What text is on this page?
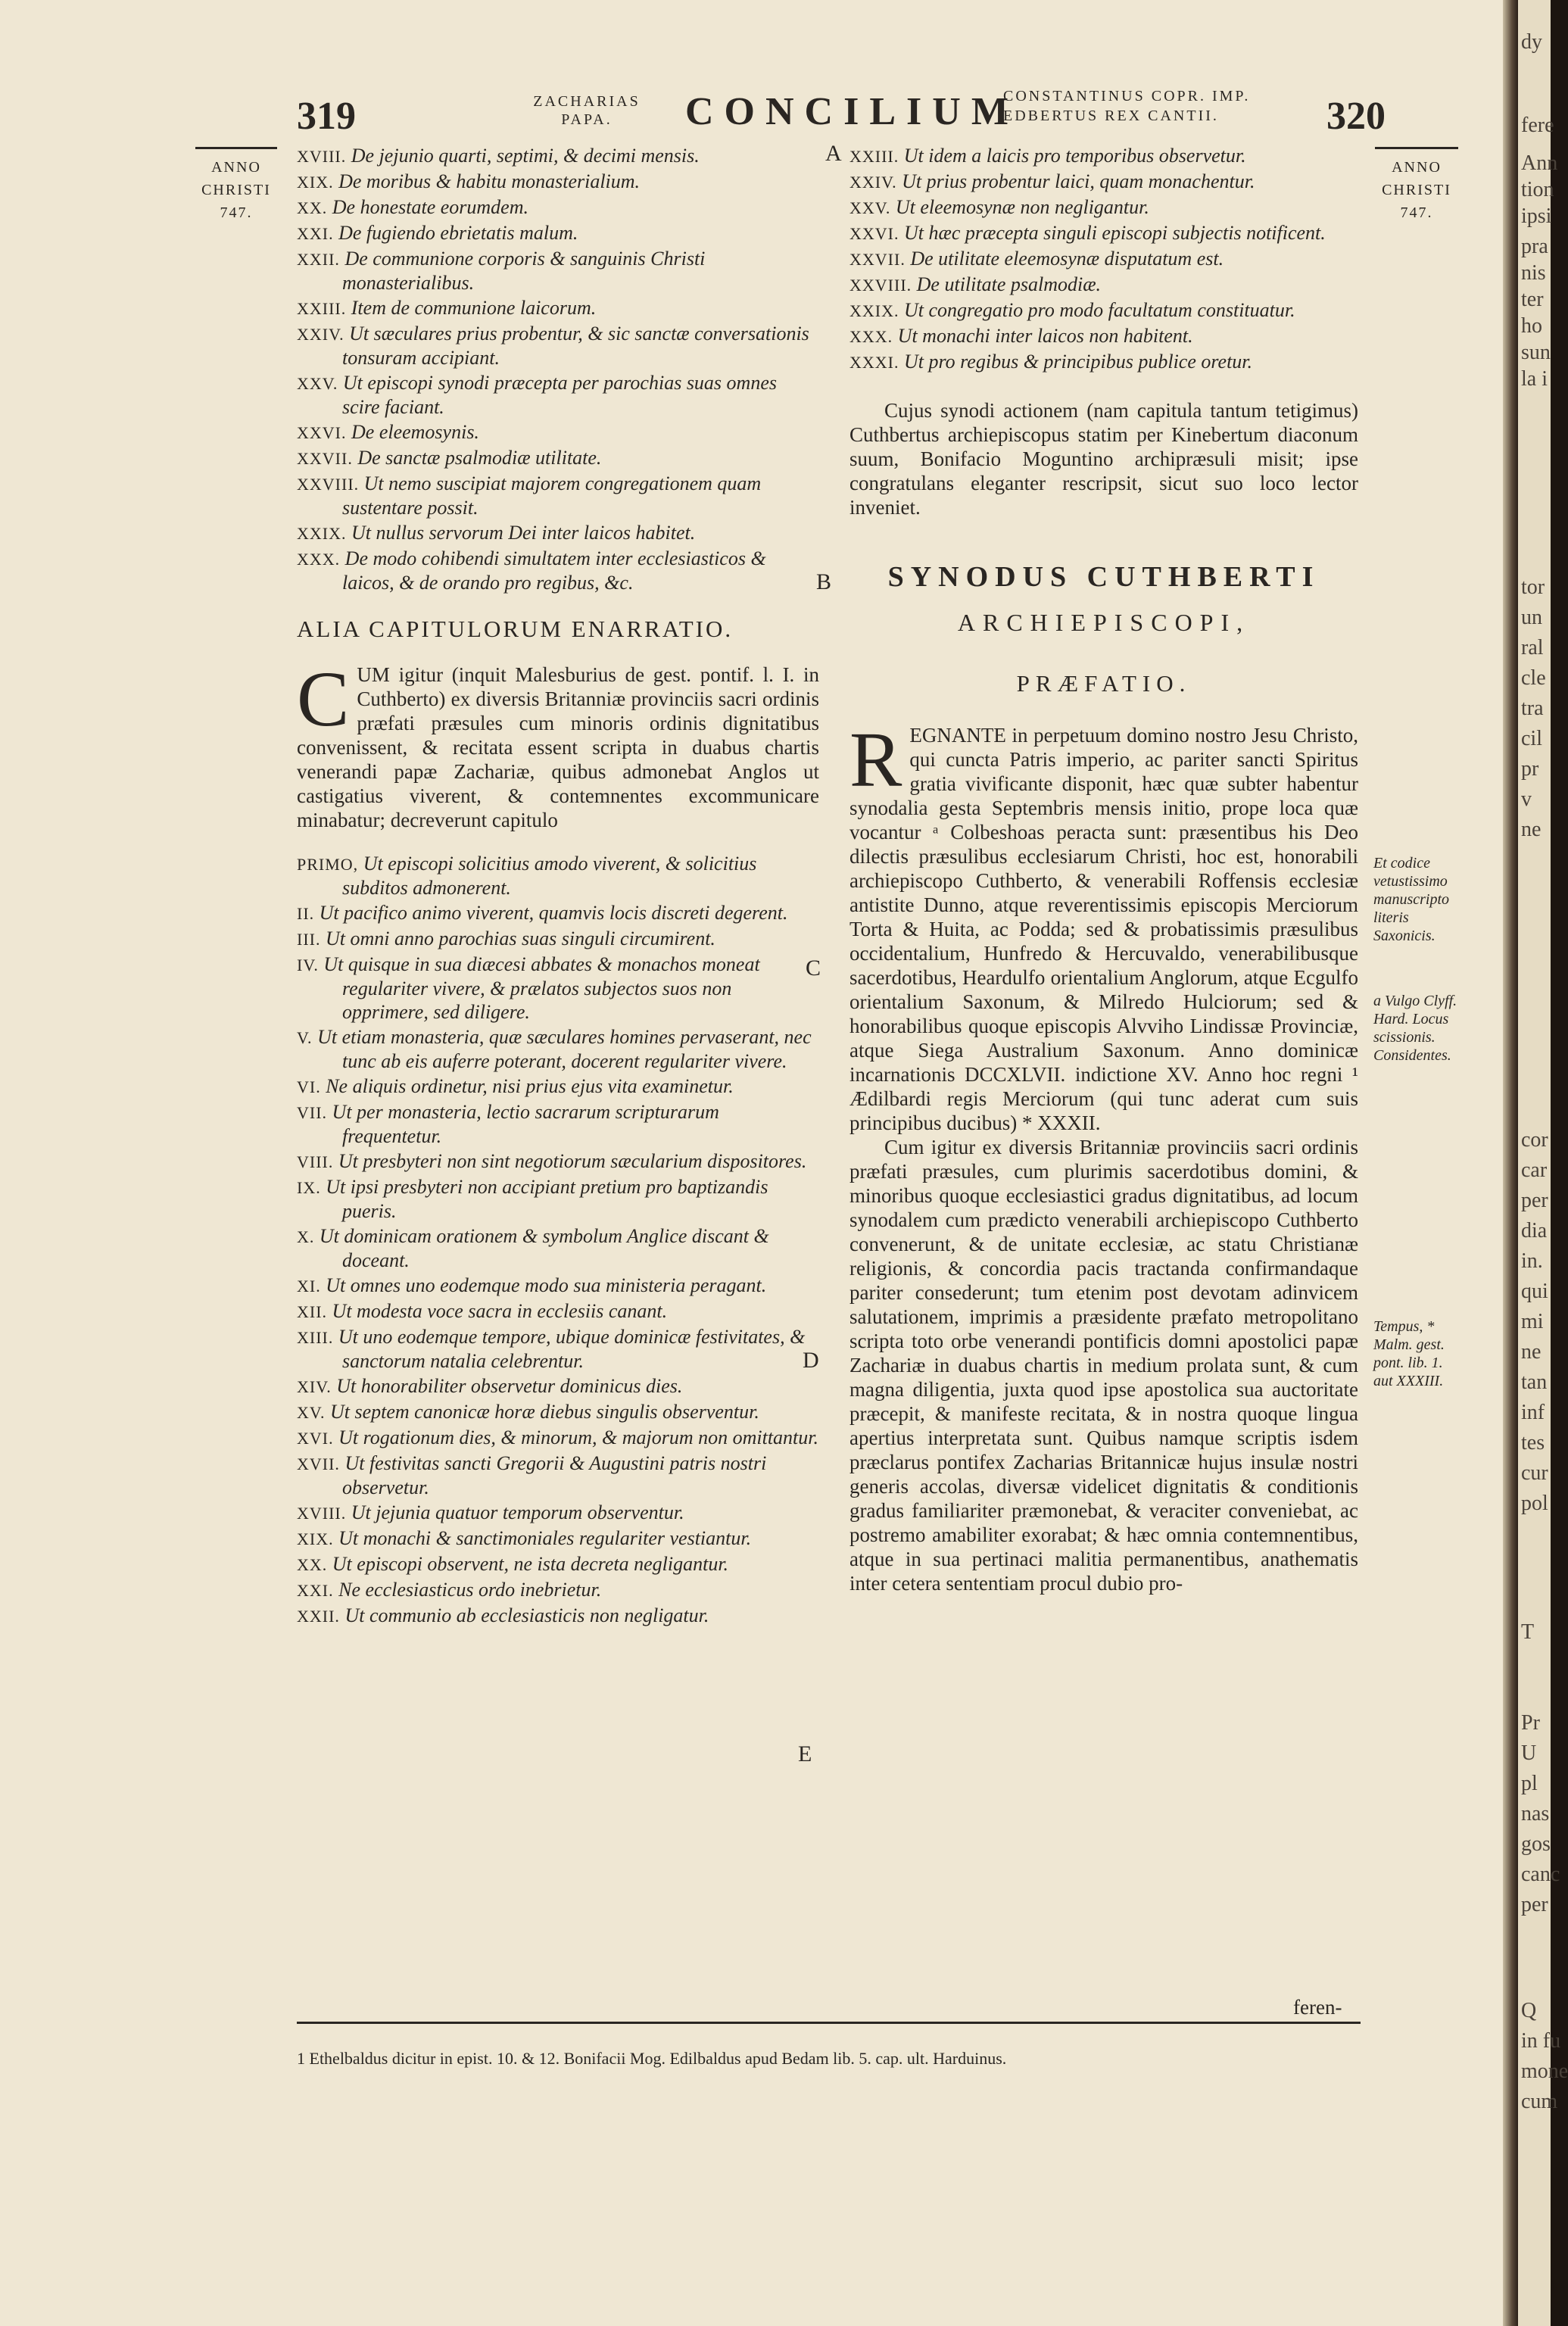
319	ZACHARIAS
PAPA.	CONCILIUM
CONSTANTINUS COPR. IMP.
EDBERTUS REX CANTII.	320
ANNO
CHRISTI
747.
ANNO
CHRISTI
747.
A
B
C
D
E
XVIII. De jejunio quarti, septimi, & decimi mensis.
XIX. De moribus & habitu monasterialium.
XX. De honestate eorumdem.
XXI. De fugiendo ebrietatis malum.
XXII. De communione corporis & sanguinis Christi monasterialibus.
XXIII. Item de communione laicorum.
XXIV. Ut sæculares prius probentur, & sic sanctæ conversationis tonsuram accipiant.
XXV. Ut episcopi synodi præcepta per parochias suas omnes scire faciant.
XXVI. De eleemosynis.
XXVII. De sanctæ psalmodiæ utilitate.
XXVIII. Ut nemo suscipiat majorem congregationem quam sustentare possit.
XXIX. Ut nullus servorum Dei inter laicos habitet.
XXX. De modo cohibendi simultatem inter ecclesiasticos & laicos, & de orando pro regibus, &c.
ALIA CAPITULORUM ENARRATIO.

CUM igitur (inquit Malesburius de gest. pontif. l. I. in Cuthberto) ex diversis Britanniæ provinciis sacri ordinis præfati præsules cum minoris ordinis dignitatibus convenissent, & recitata essent scripta in duabus chartis venerandi papæ Zachariæ, quibus admonebat Anglos ut castigatius viverent, & contemnentes excommunicare minabatur; decreverunt capitulo

PRIMO, Ut episcopi solicitius amodo viverent, & solicitius subditos admonerent.
II. Ut pacifico animo viverent, quamvis locis discreti degerent.
III. Ut omni anno parochias suas singuli circumirent.
IV. Ut quisque in sua diæcesi abbates & monachos moneat regulariter vivere, & prælatos subjectos suos non opprimere, sed diligere.
V. Ut etiam monasteria, quæ sæculares homines pervaserant, nec tunc ab eis auferre poterant, docerent regulariter vivere.
VI. Ne aliquis ordinetur, nisi prius ejus vita examinetur.
VII. Ut per monasteria, lectio sacrarum scripturarum frequentetur.
VIII. Ut presbyteri non sint negotiorum sæcularium dispositores.
IX. Ut ipsi presbyteri non accipiant pretium pro baptizandis pueris.
X. Ut dominicam orationem & symbolum Anglice discant & doceant.
XI. Ut omnes uno eodemque modo sua ministeria peragant.
XII. Ut modesta voce sacra in ecclesiis canant.
XIII. Ut uno eodemque tempore, ubique dominicæ festivitates, & sanctorum natalia celebrentur.
XIV. Ut honorabiliter observetur dominicus dies.
XV. Ut septem canonicæ horæ diebus singulis observentur.
XVI. Ut rogationum dies, & minorum, & majorum non omittantur.
XVII. Ut festivitas sancti Gregorii & Augustini patris nostri observetur.
XVIII. Ut jejunia quatuor temporum observentur.
XIX. Ut monachi & sanctimoniales regulariter vestiantur.
XX. Ut episcopi observent, ne ista decreta negligantur.
XXI. Ne ecclesiasticus ordo inebrietur.
XXII. Ut communio ab ecclesiasticis non negligatur.
XXIII. Ut idem a laicis pro temporibus observetur.
XXIV. Ut prius probentur laici, quam monachentur.
XXV. Ut eleemosynæ non negligantur.
XXVI. Ut hæc præcepta singuli episcopi subjectis notificent.
XXVII. De utilitate eleemosynæ disputatum est.
XXVIII. De utilitate psalmodiæ.
XXIX. Ut congregatio pro modo facultatum constituatur.
XXX. Ut monachi inter laicos non habitent.
XXXI. Ut pro regibus & principibus publice oretur.

Cujus synodi actionem (nam capitula tantum tetigimus) Cuthbertus archiepiscopus statim per Kinebertum diaconum suum, Bonifacio Moguntino archipræsuli misit; ipse congratulans eleganter rescripsit, sicut suo loco lector inveniet.

SYNODUS CUTHBERTI
ARCHIEPISCOPI,
PRÆFATIO.

REGNANTE in perpetuum domino nostro Jesu Christo, qui cuncta Patris imperio, ac pariter sancti Spiritus gratia vivificante disponit, hæc quæ subter habentur synodalia gesta Septembris mensis initio, prope loca quæ vocantur ᵃ Colbeshoas peracta sunt: præsentibus his Deo dilectis præsulibus ecclesiarum Christi, hoc est, honorabili archiepiscopo Cuthberto, & venerabili Roffensis ecclesiæ antistite Dunno, atque reverentissimis episcopis Merciorum Torta & Huita, ac Podda; sed & probatissimis præsulibus occidentalium, Hunfredo & Hercuvaldo, venerabilibusque sacerdotibus, Heardulfo orientalium Anglorum, atque Ecgulfo orientalium Saxonum, & Milredo Hulciorum; sed & honorabilibus quoque episcopis Alvviho Lindissæ Provinciæ, atque Siega Australium Saxonum. Anno dominicæ incarnationis DCCXLVII. indictione XV. Anno hoc regni ¹ Ædilbardi regis Merciorum (qui tunc aderat cum suis principibus ducibus) * XXXII.

Cum igitur ex diversis Britanniæ provinciis sacri ordinis præfati præsules, cum plurimis sacerdotibus domini, & minoribus quoque ecclesiastici gradus dignitatibus, ad locum synodalem cum prædicto venerabili archiepiscopo Cuthberto convenerunt, & de unitate ecclesiæ, ac statu Christianæ religionis, & concordia pacis tractanda confirmandaque pariter consederunt; tum etenim post devotam adinvicem salutationem, imprimis a præsidente præfato metropolitano scripta toto orbe venerandi pontificis domni apostolici papæ Zachariæ in duabus chartis in medium prolata sunt, & cum magna diligentia, juxta quod ipse apostolica sua auctoritate præcepit, & manifeste recitata, & in nostra quoque lingua apertius interpretata sunt. Quibus namque scriptis isdem præclarus pontifex Zacharias Britannicæ hujus insulæ nostri generis accolas, diversæ videlicet dignitatis & conditionis gradus familiariter præmonebat, & veraciter conveniebat, ac postremo amabiliter exorabat; & hæc omnia contemnentibus, atque in sua pertinaci malitia permanentibus, anathematis inter cetera sententiam procul dubio pro-

feren-
Et codice vetustissimo manuscripto literis Saxonicis.
a Vulgo Clyff. Hard. Locus scissionis. Considentes.
Tempus, * Malm. gest. pont. lib. 1. aut XXXIII.
1 Ethelbaldus dicitur in epist. 10. & 12. Bonifacii Mog. Edilbaldus apud Bedam lib. 5. cap. ult. Harduinus.
dy
fere
Ann
tion
ipsi
pra
nis
ter
ho
sun
la i
tor
un
ral
cle
tra
cil
pr
v
ne
cor
car
per
dia
in.
qui
mi
ne
tan
inf
tes
cur
pol
T
Pr
U
pl
nas
gos
canc
per
Q
in fu
mone
cum
